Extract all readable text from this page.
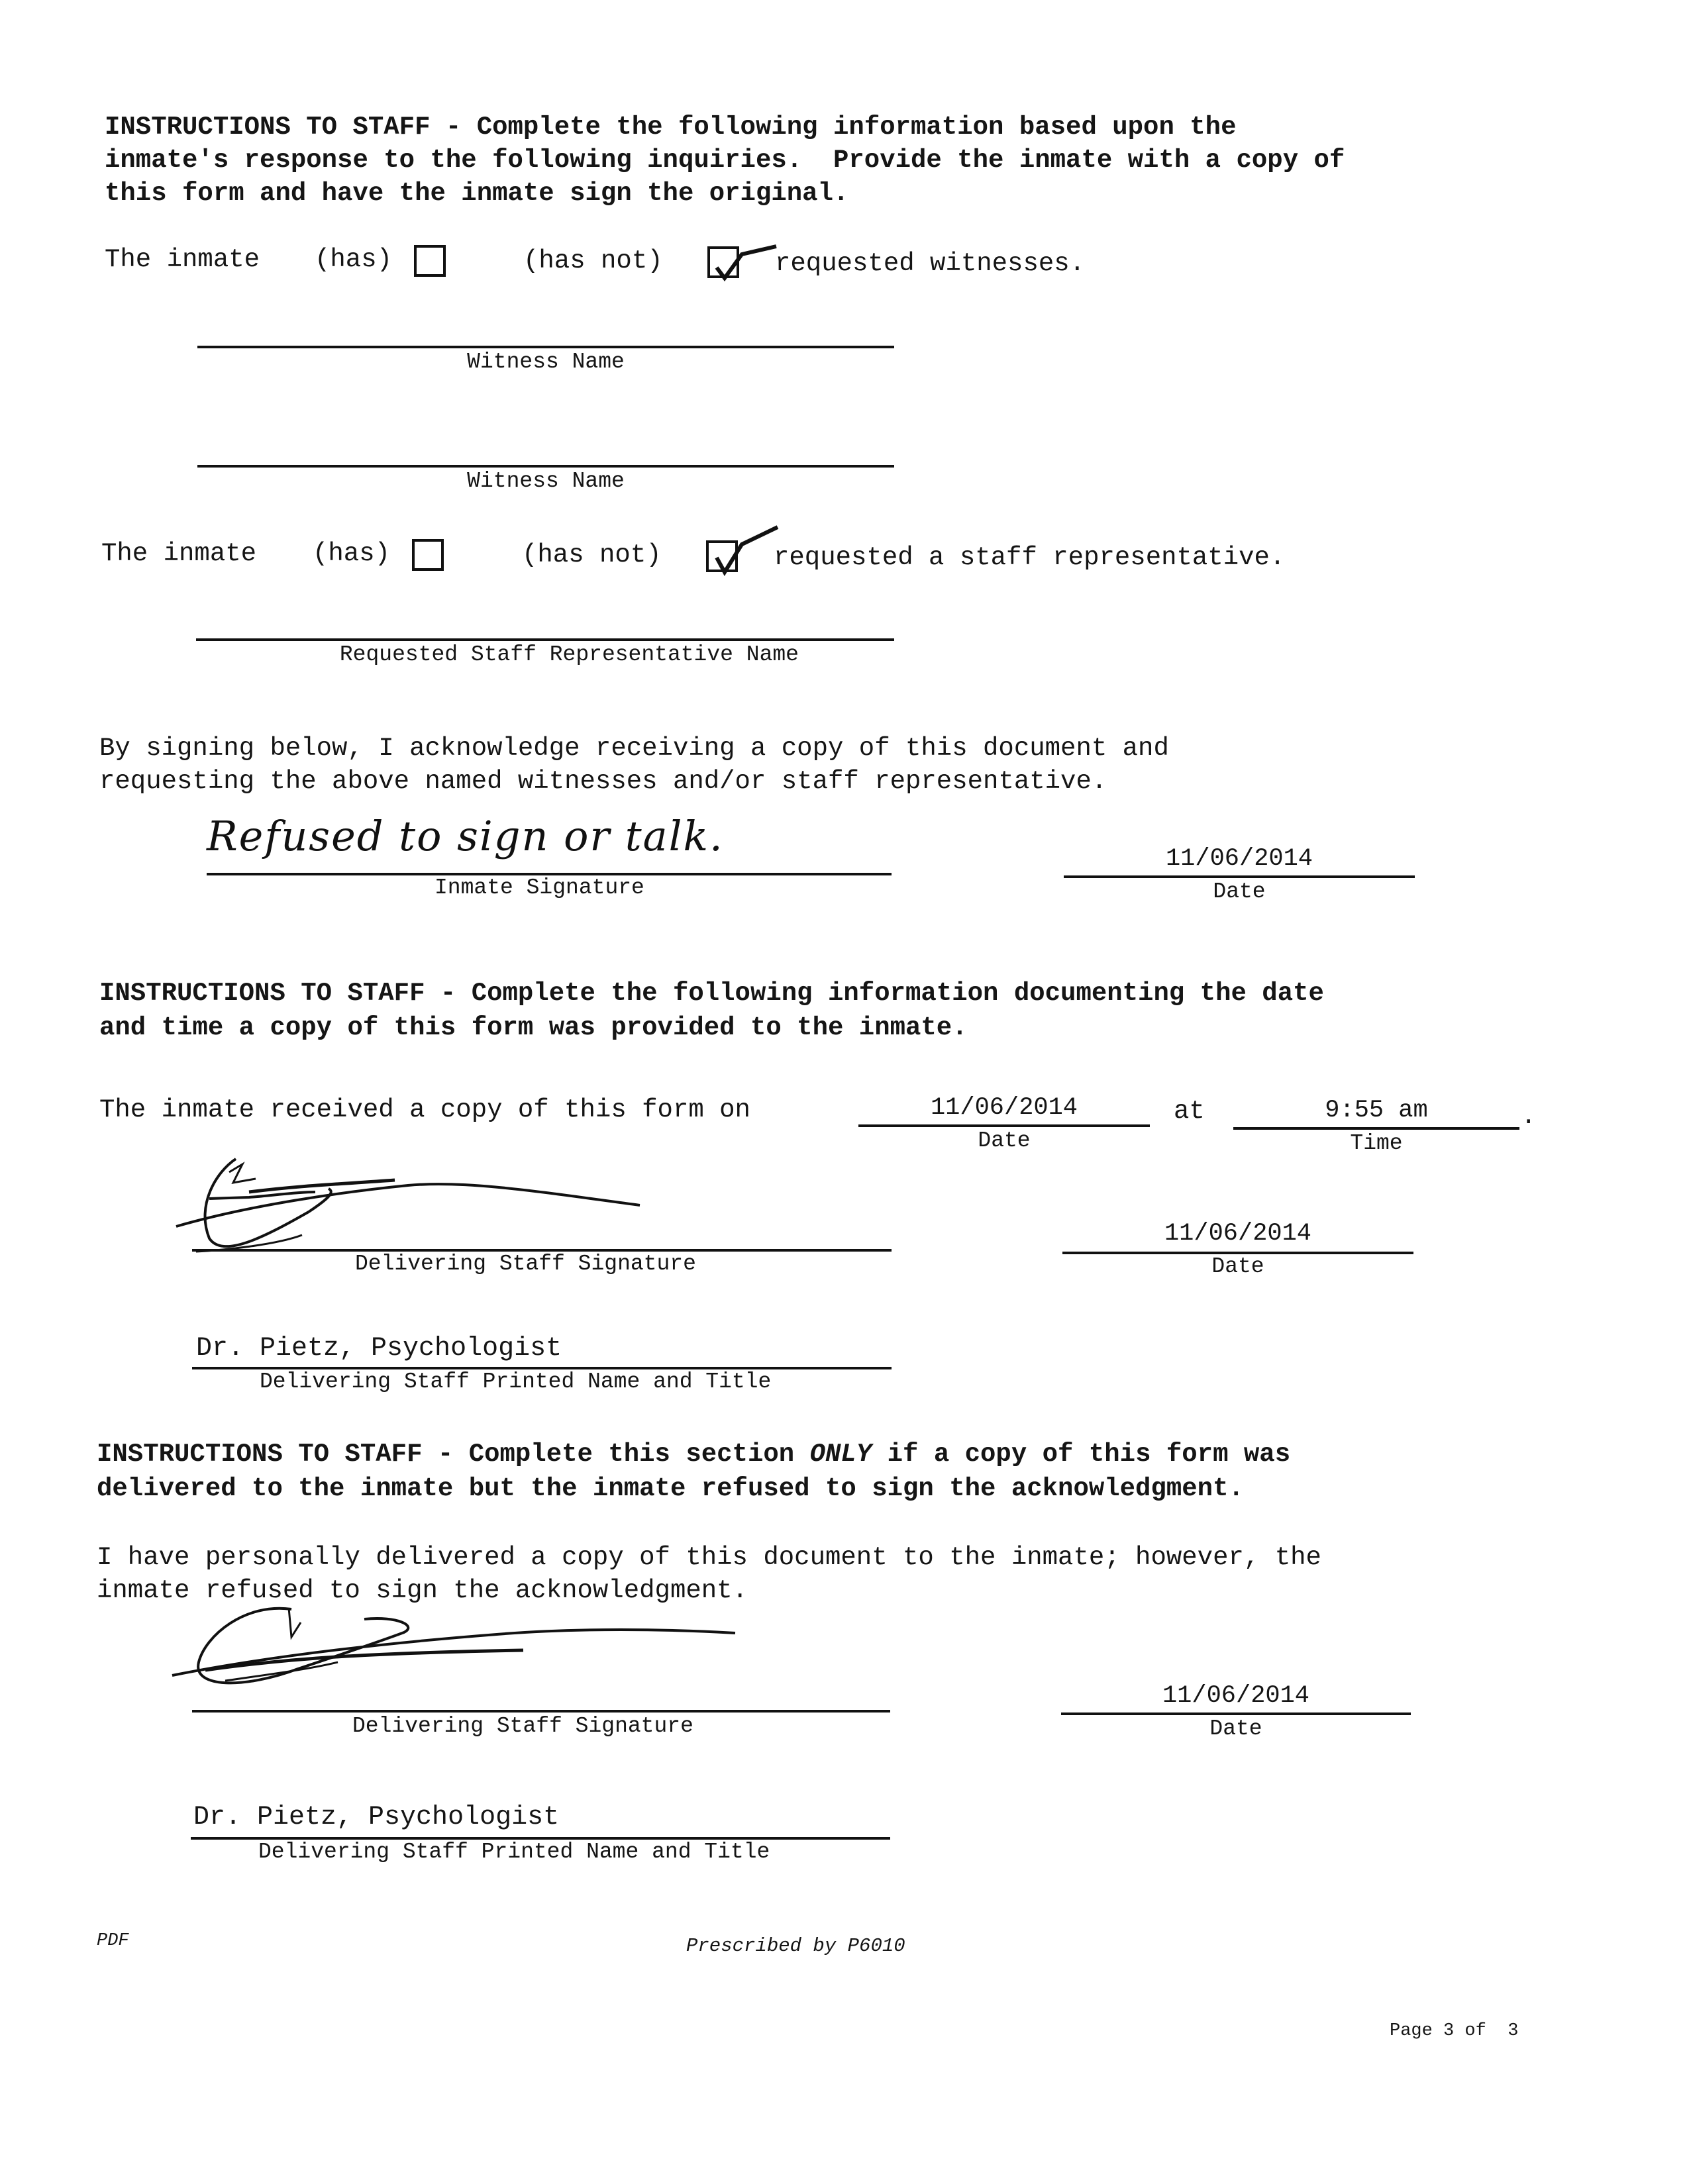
INSTRUCTIONS TO STAFF - Complete the following information based upon the
inmate's response to the following inquiries.  Provide the inmate with a copy of
this form and have the inmate sign the original.
The inmate (has)	(has not)	requested witnesses.
Witness Name
Witness Name
The inmate (has)	(has not)	requested a staff representative.
Requested Staff Representative Name
By signing below, I acknowledge receiving a copy of this document and
requesting the above named witnesses and/or staff representative.
Refused to sign or talk.
Inmate Signature
11/06/2014
Date
INSTRUCTIONS TO STAFF - Complete the following information documenting the date
and time a copy of this form was provided to the inmate.
The inmate received a copy of this form on	11/06/2014
Date
at	9:55 am
Time
.
Delivering Staff Signature
11/06/2014
Date
Dr. Pietz, Psychologist
Delivering Staff Printed Name and Title
INSTRUCTIONS TO STAFF - Complete this section ONLY if a copy of this form was
delivered to the inmate but the inmate refused to sign the acknowledgment.
I have personally delivered a copy of this document to the inmate; however, the
inmate refused to sign the acknowledgment.
Delivering Staff Signature
11/06/2014
Date
Dr. Pietz, Psychologist
Delivering Staff Printed Name and Title
PDF	Prescribed by P6010
Page 3 of  3
